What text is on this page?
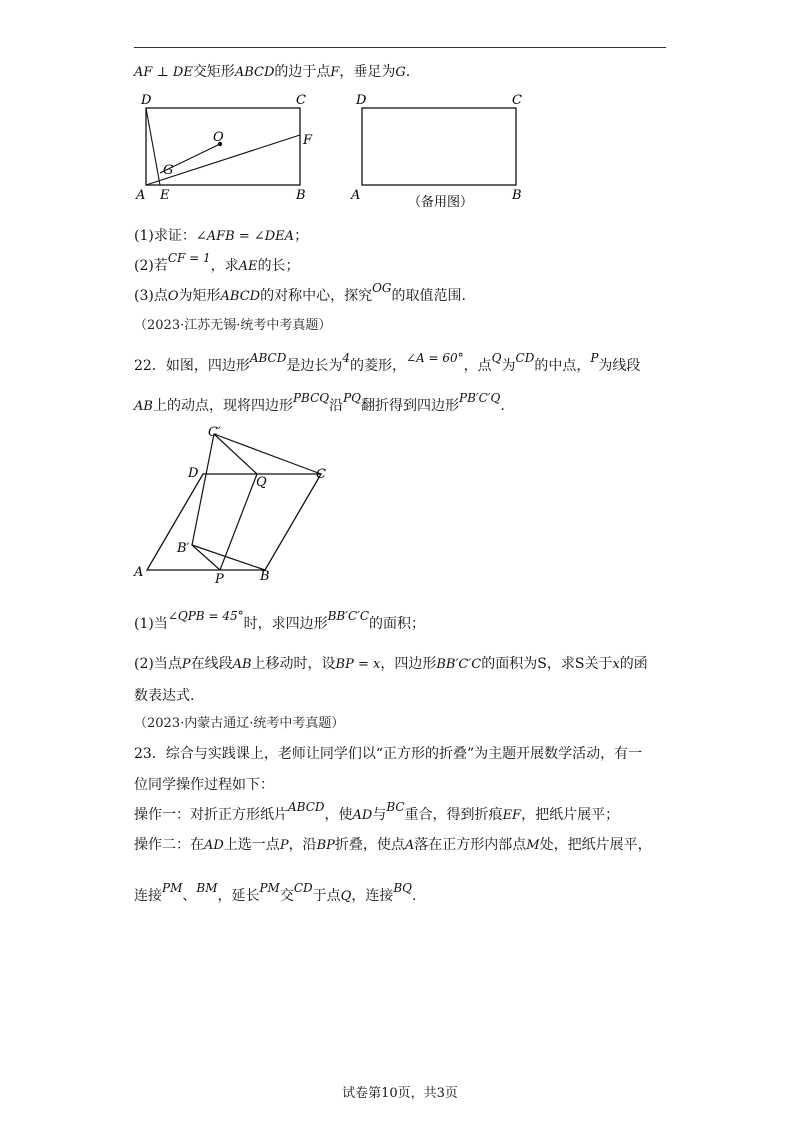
AF ⊥ DE交矩形ABCD的边于点F，垂足为G.
D	C
A	B
E
G
O	F
D	C
A	B
（备用图）
(1)求证：∠AFB = ∠DEA；
(2)若CF = 1，求AE的长；
(3)点O为矩形ABCD的对称中心，探究OG的取值范围.
（2023·江苏无锡·统考中考真题）
22．如图，四边形ABCD是边长为4的菱形，∠A = 60°，点Q为CD的中点，P为线段
AB上的动点，现将四边形PBCQ沿PQ翻折得到四边形PB′C′Q.
C′
D
Q
C
B′
A	P	B
(1)当∠QPB = 45°时，求四边形BB′C′C的面积；
(2)当点P在线段AB上移动时，设BP = x，四边形BB′C′C的面积为S，求S关于x的函
数表达式.
（2023·内蒙古通辽·统考中考真题）
23．综合与实践课上，老师让同学们以“正方形的折叠”为主题开展数学活动，有一
位同学操作过程如下：
操作一：对折正方形纸片ABCD，使AD与BC重合，得到折痕EF，把纸片展平；
操作二：在AD上选一点P，沿BP折叠，使点A落在正方形内部点M处，把纸片展平，
连接PM、BM，延长PM交CD于点Q，连接BQ.
试卷第10页，共3页
